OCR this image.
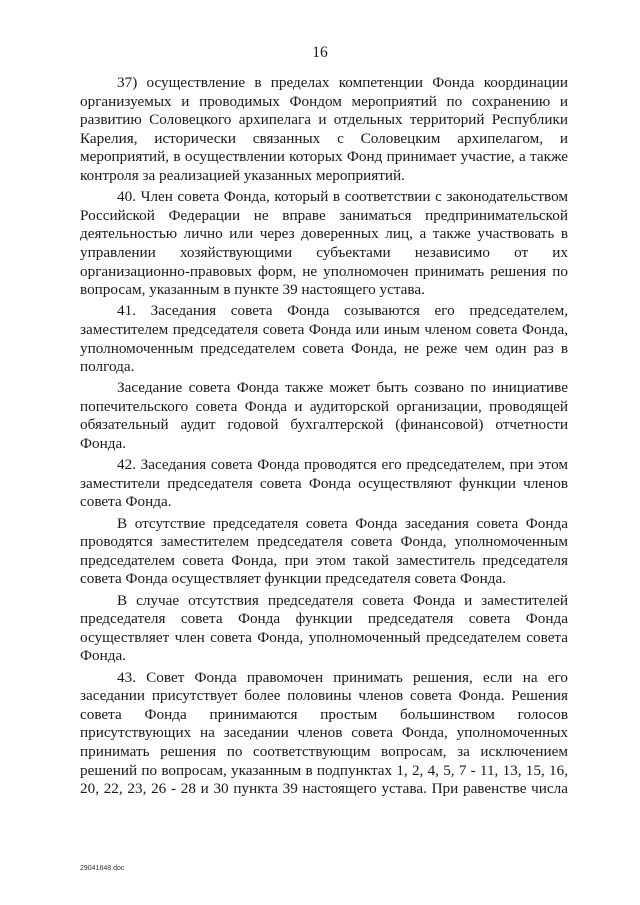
16

37) осуществление в пределах компетенции Фонда координации организуемых и проводимых Фондом мероприятий по сохранению и развитию Соловецкого архипелага и отдельных территорий Республики Карелия, исторически связанных с Соловецким архипелагом, и мероприятий, в осуществлении которых Фонд принимает участие, а также контроля за реализацией указанных мероприятий.

40. Член совета Фонда, который в соответствии с законодательством Российской Федерации не вправе заниматься предпринимательской деятельностью лично или через доверенных лиц, а также участвовать в управлении хозяйствующими субъектами независимо от их организационно-правовых форм, не уполномочен принимать решения по вопросам, указанным в пункте 39 настоящего устава.

41. Заседания совета Фонда созываются его председателем, заместителем председателя совета Фонда или иным членом совета Фонда, уполномоченным председателем совета Фонда, не реже чем один раз в полгода.

Заседание совета Фонда также может быть созвано по инициативе попечительского совета Фонда и аудиторской организации, проводящей обязательный аудит годовой бухгалтерской (финансовой) отчетности Фонда.

42. Заседания совета Фонда проводятся его председателем, при этом заместители председателя совета Фонда осуществляют функции членов совета Фонда.

В отсутствие председателя совета Фонда заседания совета Фонда проводятся заместителем председателя совета Фонда, уполномоченным председателем совета Фонда, при этом такой заместитель председателя совета Фонда осуществляет функции председателя совета Фонда.

В случае отсутствия председателя совета Фонда и заместителей председателя совета Фонда функции председателя совета Фонда осуществляет член совета Фонда, уполномоченный председателем совета Фонда.

43. Совет Фонда правомочен принимать решения, если на его заседании присутствует более половины членов совета Фонда. Решения совета Фонда принимаются простым большинством голосов присутствующих на заседании членов совета Фонда, уполномоченных принимать решения по соответствующим вопросам, за исключением решений по вопросам, указанным в подпунктах 1, 2, 4, 5, 7 - 11, 13, 15, 16, 20, 22, 23, 26 - 28 и 30 пункта 39 настоящего устава. При равенстве числа

29041648.doc
